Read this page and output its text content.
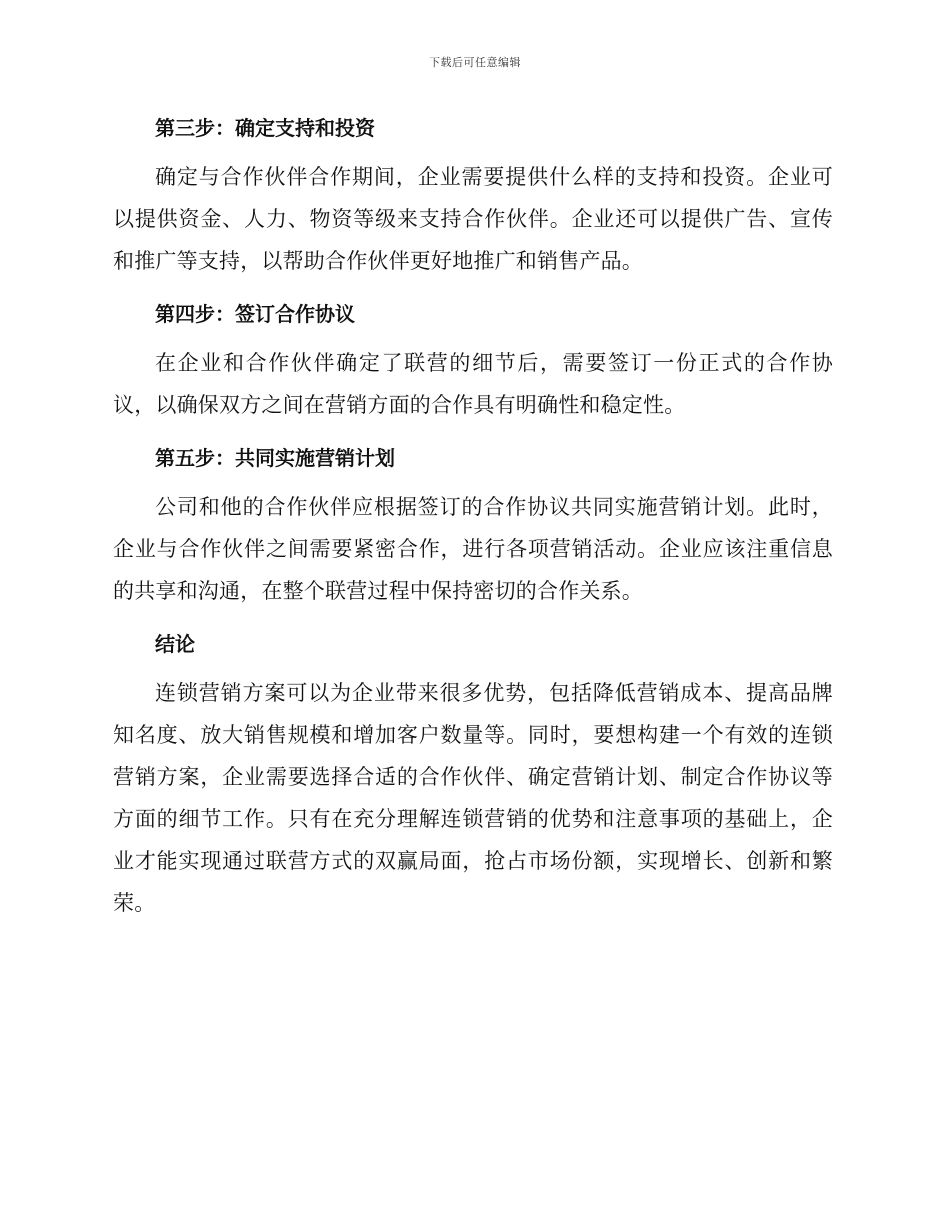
下载后可任意编辑
第三步：确定支持和投资

确定与合作伙伴合作期间，企业需要提供什么样的支持和投资。企业可以提供资金、人力、物资等级来支持合作伙伴。企业还可以提供广告、宣传和推广等支持，以帮助合作伙伴更好地推广和销售产品。

第四步：签订合作协议

在企业和合作伙伴确定了联营的细节后，需要签订一份正式的合作协议，以确保双方之间在营销方面的合作具有明确性和稳定性。

第五步：共同实施营销计划

公司和他的合作伙伴应根据签订的合作协议共同实施营销计划。此时，企业与合作伙伴之间需要紧密合作，进行各项营销活动。企业应该注重信息的共享和沟通，在整个联营过程中保持密切的合作关系。

结论

连锁营销方案可以为企业带来很多优势，包括降低营销成本、提高品牌知名度、放大销售规模和增加客户数量等。同时，要想构建一个有效的连锁营销方案，企业需要选择合适的合作伙伴、确定营销计划、制定合作协议等方面的细节工作。只有在充分理解连锁营销的优势和注意事项的基础上，企业才能实现通过联营方式的双赢局面，抢占市场份额，实现增长、创新和繁荣。
